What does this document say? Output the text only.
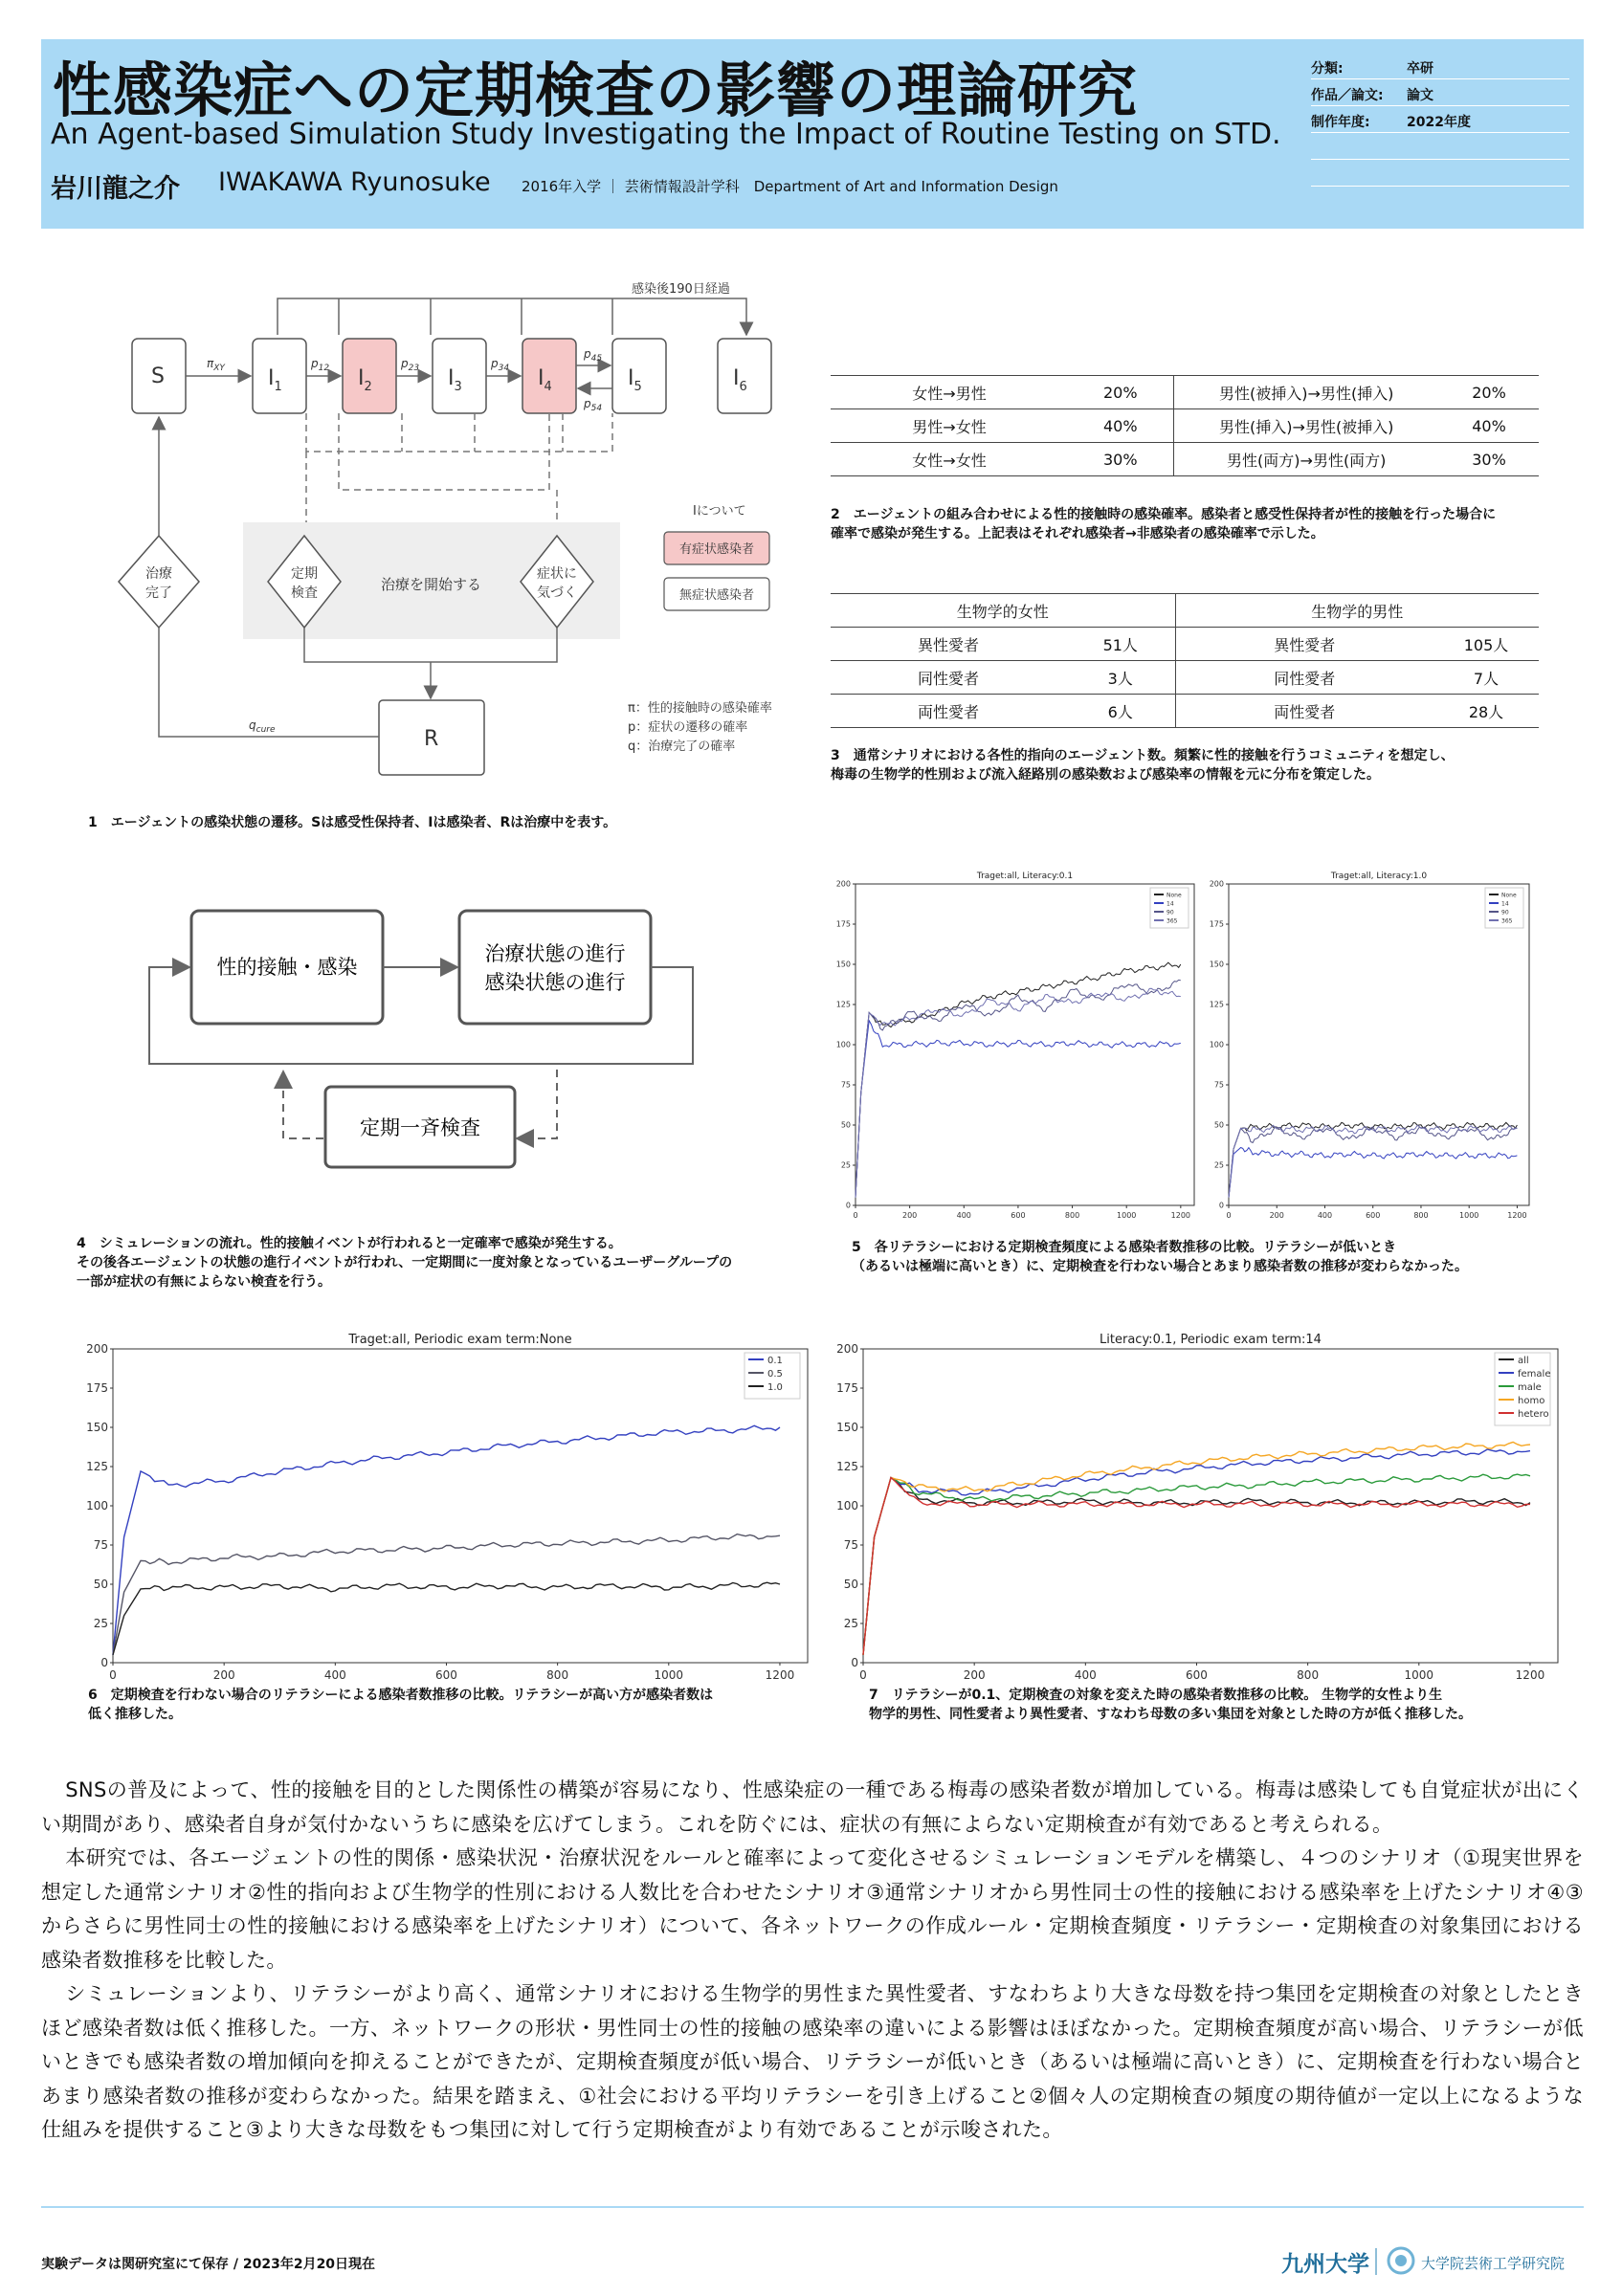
性感染症への定期検査の影響の理論研究
An Agent-based Simulation Study Investigating the Impact of Routine Testing on STD.
岩川龍之介 IWAKAWA Ryunosuke 2016年入学 ｜ 芸術情報設計学科　Department of Art and Information Design
分類:	卒研
作品／論文: 論文
制作年度:	2022年度
感染後190日経過
S	$I_1$	$I_2$	$I_3$	$I_4$	$I_5$	$I_6$
$\pi_{XY}$	$p_{12}$	$p_{23}$	$p_{34}$
$p_{45}$
$p_{54}$
治療を開始する
定期
検査
症状に
気づく
治療
完了
R
$q_{cure}$
Iについて
有症状感染者
無症状感染者
π：性的接触時の感染確率
p：症状の遷移の確率
q：治療完了の確率
1　エージェントの感染状態の遷移。Sは感受性保持者、Iは感染者、Rは治療中を表す。
女性→男性	20%	男性(被挿入)→男性(挿入)	20%
男性→女性	40%	男性(挿入)→男性(被挿入)	40%
女性→女性	30%	男性(両方)→男性(両方)	30%
2　エージェントの組み合わせによる性的接触時の感染確率。感染者と感受性保持者が性的接触を行った場合に
確率で感染が発生する。上記表はそれぞれ感染者→非感染者の感染確率で示した。
生物学的女性		生物学的男性	
異性愛者	51人	異性愛者	105人
同性愛者	3人	同性愛者	7人
両性愛者	6人	両性愛者	28人
3　通常シナリオにおける各性的指向のエージェント数。頻繁に性的接触を行うコミュニティを想定し、
梅毒の生物学的性別および流入経路別の感染数および感染率の情報を元に分布を策定した。
性的接触・感染
治療状態の進行
感染状態の進行
定期一斉検査
4　シミュレーションの流れ。性的接触イベントが行われると一定確率で感染が発生する。
その後各エージェントの状態の進行イベントが行われ、一定期間に一度対象となっているユーザーグループの
一部が症状の有無によらない検査を行う。
Traget:all, Literacy:0.1
0
25
50
75
100
125
150
175
200
0	200	400	600	800	1000	1200
None
14
90
365
Traget:all, Literacy:1.0
0
25
50
75
100
125
150
175
200
0	200	400	600	800	1000	1200
None
14
90
365
5　各リテラシーにおける定期検査頻度による感染者数推移の比較。リテラシーが低いとき
（あるいは極端に高いとき）に、定期検査を行わない場合とあまり感染者数の推移が変わらなかった。
Traget:all, Periodic exam term:None
0
25
50
75
100
125
150
175
200
0	200	400	600	800	1000	1200
0.1
0.5
1.0
6　定期検査を行わない場合のリテラシーによる感染者数推移の比較。リテラシーが高い方が感染者数は
低く推移した。
Literacy:0.1, Periodic exam term:14
0
25
50
75
100
125
150
175
200
0	200	400	600	800	1000	1200
all
female
male
homo
hetero
7　リテラシーが0.1、定期検査の対象を変えた時の感染者数推移の比較。 生物学的女性より生
物学的男性、同性愛者より異性愛者、すなわち母数の多い集団を対象とした時の方が低く推移した。

SNSの普及によって、性的接触を目的とした関係性の構築が容易になり、性感染症の一種である梅毒の感染者数が増加している。梅毒は感染しても自覚症状が出にくい期間があり、感染者自身が気付かないうちに感染を広げてしまう。これを防ぐには、症状の有無によらない定期検査が有効であると考えられる。

本研究では、各エージェントの性的関係・感染状況・治療状況をルールと確率によって変化させるシミュレーションモデルを構築し、４つのシナリオ（①現実世界を想定した通常シナリオ②性的指向および生物学的性別における人数比を合わせたシナリオ③通常シナリオから男性同士の性的接触における感染率を上げたシナリオ④③からさらに男性同士の性的接触における感染率を上げたシナリオ）について、各ネットワークの作成ルール・定期検査頻度・リテラシー・定期検査の対象集団における感染者数推移を比較した。

シミュレーションより、リテラシーがより高く、通常シナリオにおける生物学的男性また異性愛者、すなわちより大きな母数を持つ集団を定期検査の対象としたときほど感染者数は低く推移した。一方、ネットワークの形状・男性同士の性的接触の感染率の違いによる影響はほぼなかった。定期検査頻度が高い場合、リテラシーが低いときでも感染者数の増加傾向を抑えることができたが、定期検査頻度が低い場合、リテラシーが低いとき（あるいは極端に高いとき）に、定期検査を行わない場合とあまり感染者数の推移が変わらなかった。結果を踏まえ、①社会における平均リテラシーを引き上げること②個々人の定期検査の頻度の期待値が一定以上になるような仕組みを提供すること③より大きな母数をもつ集団に対して行う定期検査がより有効であることが示唆された。

実験データは関研究室にて保存 / 2023年2月20日現在	九州大学	大学院芸術工学研究院
